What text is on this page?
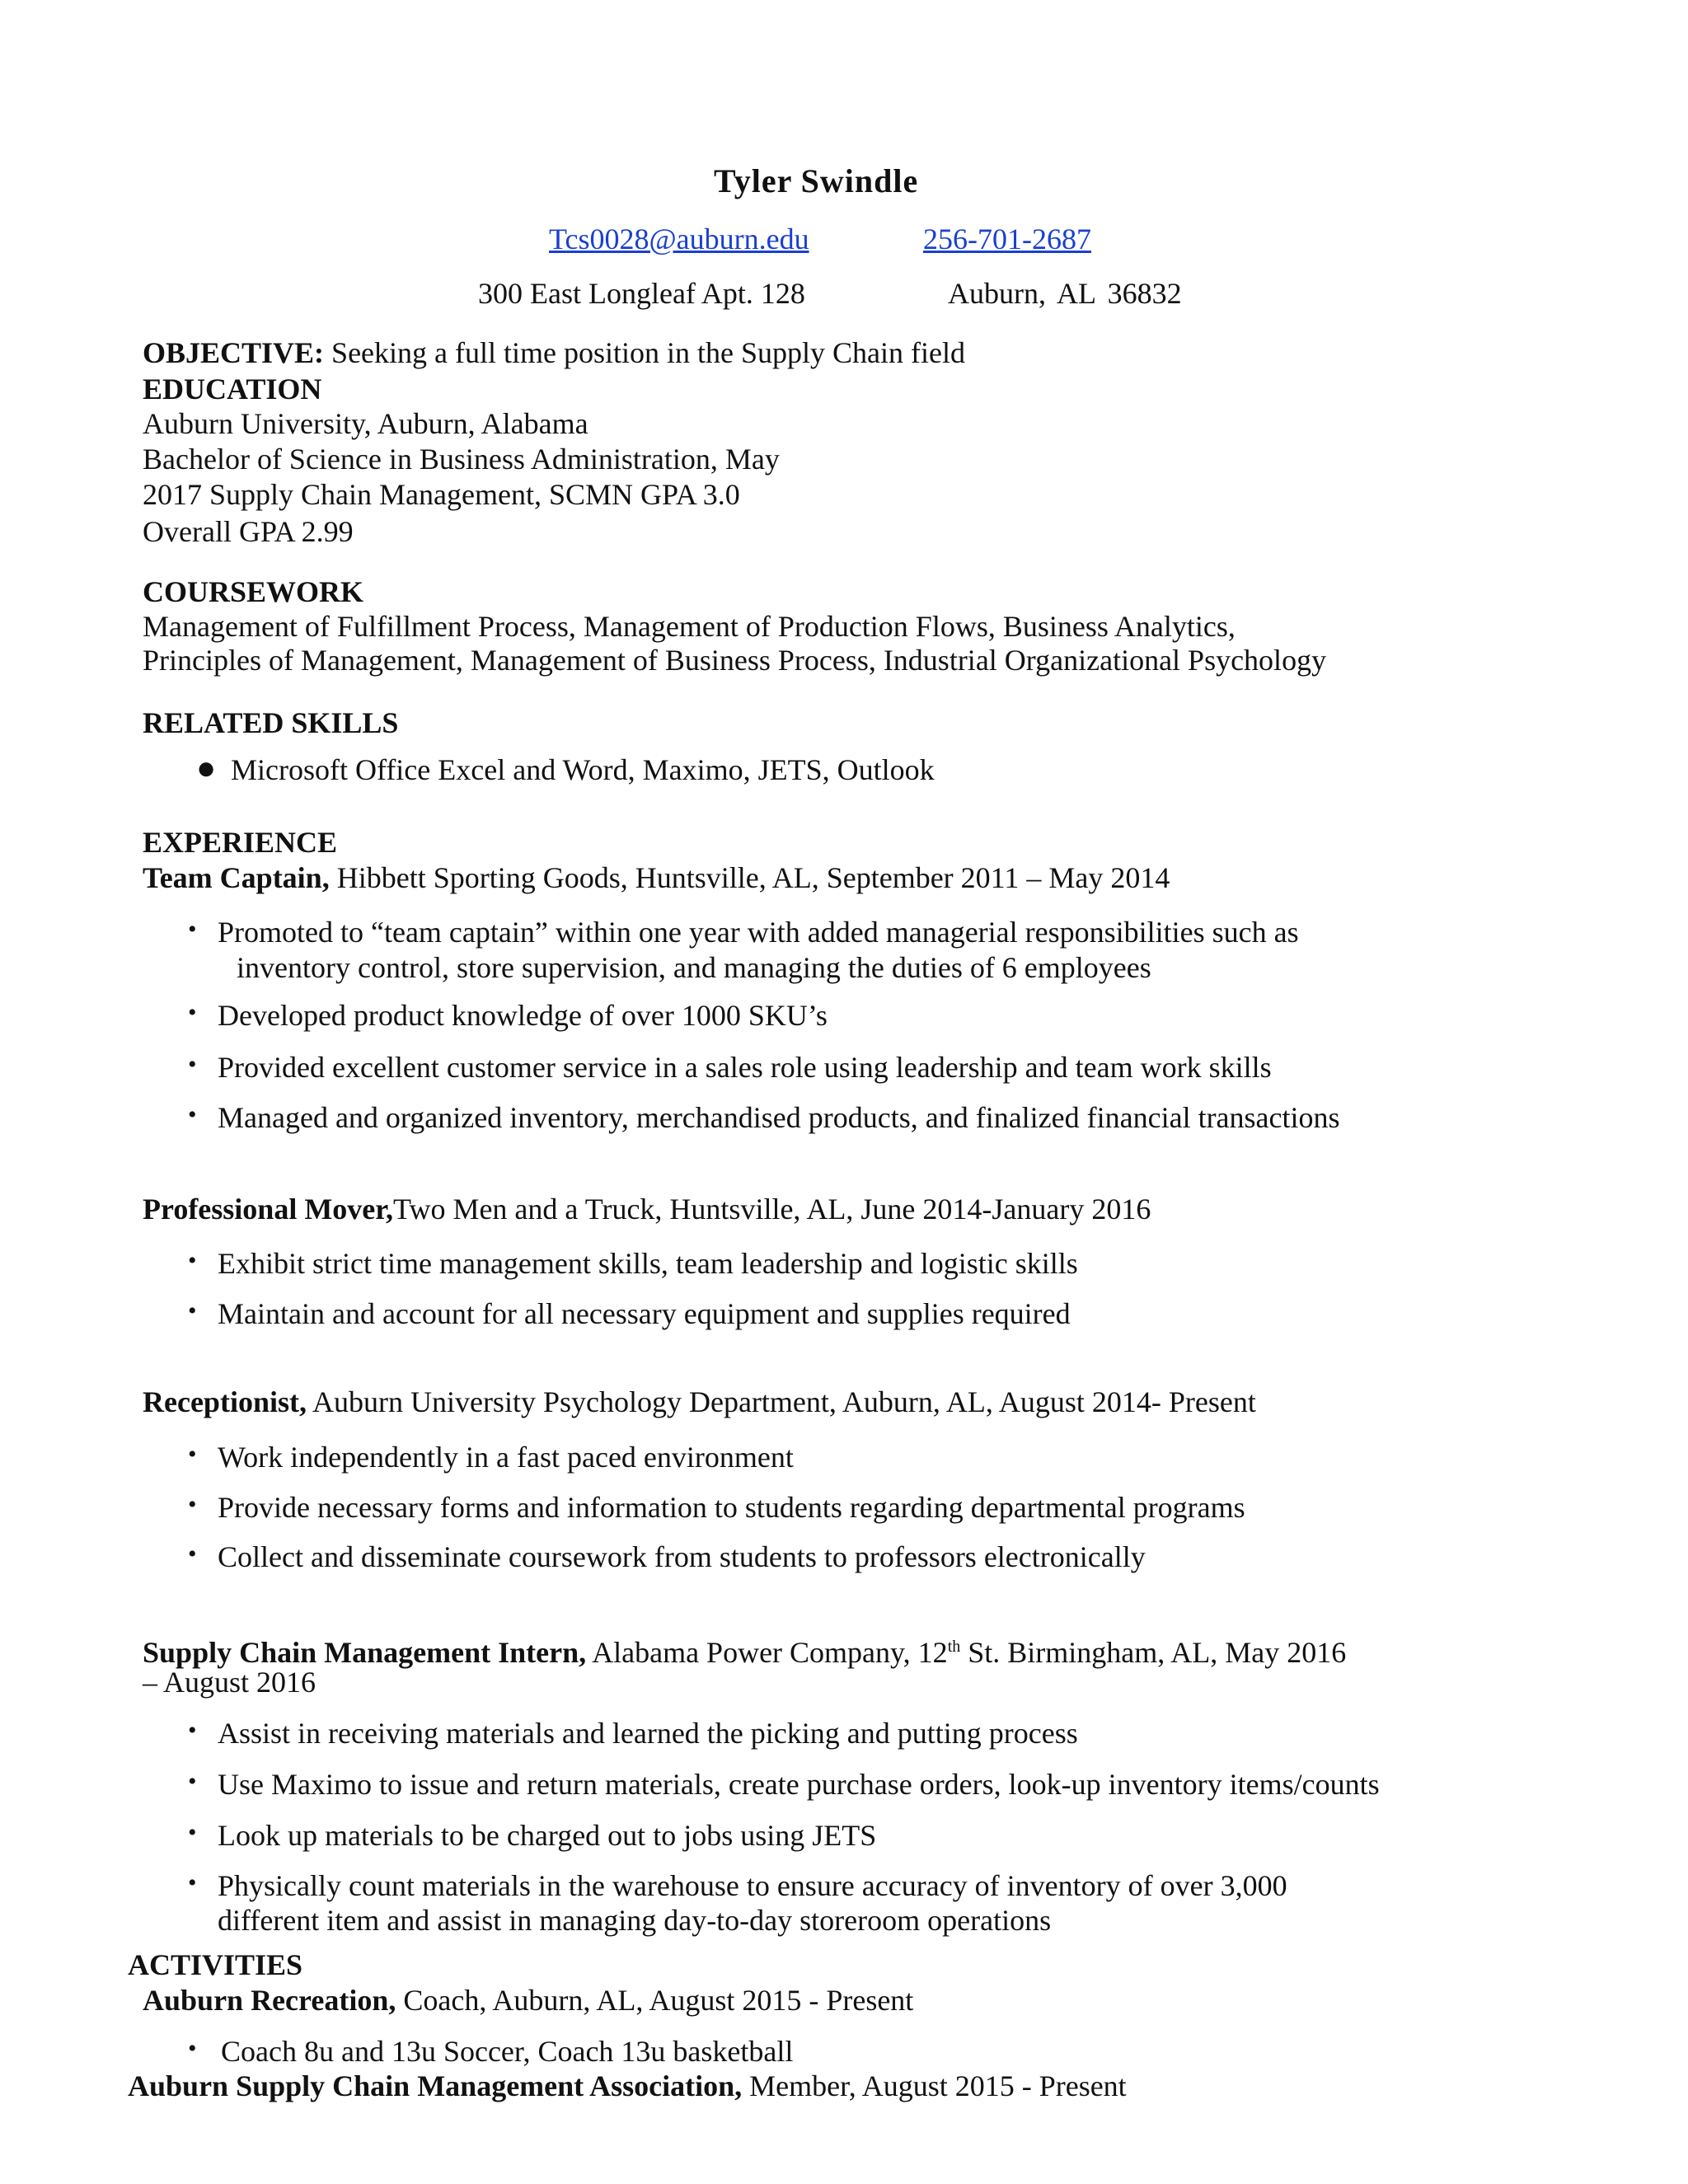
Tyler Swindle
Tcs0028@auburn.edu	256-701-2687
300 East Longleaf Apt. 128	Auburn, AL 36832
OBJECTIVE: Seeking a full time position in the Supply Chain field
EDUCATION
Auburn University, Auburn, Alabama
Bachelor of Science in Business Administration, May
2017 Supply Chain Management, SCMN GPA 3.0
Overall GPA 2.99
COURSEWORK
Management of Fulfillment Process, Management of Production Flows, Business Analytics,
Principles of Management, Management of Business Process, Industrial Organizational Psychology
RELATED SKILLS
● Microsoft Office Excel and Word, Maximo, JETS, Outlook
EXPERIENCE
Team Captain, Hibbett Sporting Goods, Huntsville, AL, September 2011 – May 2014
• Promoted to “team captain” within one year with added managerial responsibilities such as
inventory control, store supervision, and managing the duties of 6 employees
• Developed product knowledge of over 1000 SKU’s
• Provided excellent customer service in a sales role using leadership and team work skills
• Managed and organized inventory, merchandised products, and finalized financial transactions
Professional Mover,Two Men and a Truck, Huntsville, AL, June 2014-January 2016
• Exhibit strict time management skills, team leadership and logistic skills
• Maintain and account for all necessary equipment and supplies required
Receptionist, Auburn University Psychology Department, Auburn, AL, August 2014- Present
• Work independently in a fast paced environment
• Provide necessary forms and information to students regarding departmental programs
• Collect and disseminate coursework from students to professors electronically
Supply Chain Management Intern, Alabama Power Company, 12th St. Birmingham, AL, May 2016
– August 2016
• Assist in receiving materials and learned the picking and putting process
• Use Maximo to issue and return materials, create purchase orders, look-up inventory items/counts
• Look up materials to be charged out to jobs using JETS
• Physically count materials in the warehouse to ensure accuracy of inventory of over 3,000
different item and assist in managing day-to-day storeroom operations
ACTIVITIES
Auburn Recreation, Coach, Auburn, AL, August 2015 - Present
• Coach 8u and 13u Soccer, Coach 13u basketball
Auburn Supply Chain Management Association, Member, August 2015 - Present
